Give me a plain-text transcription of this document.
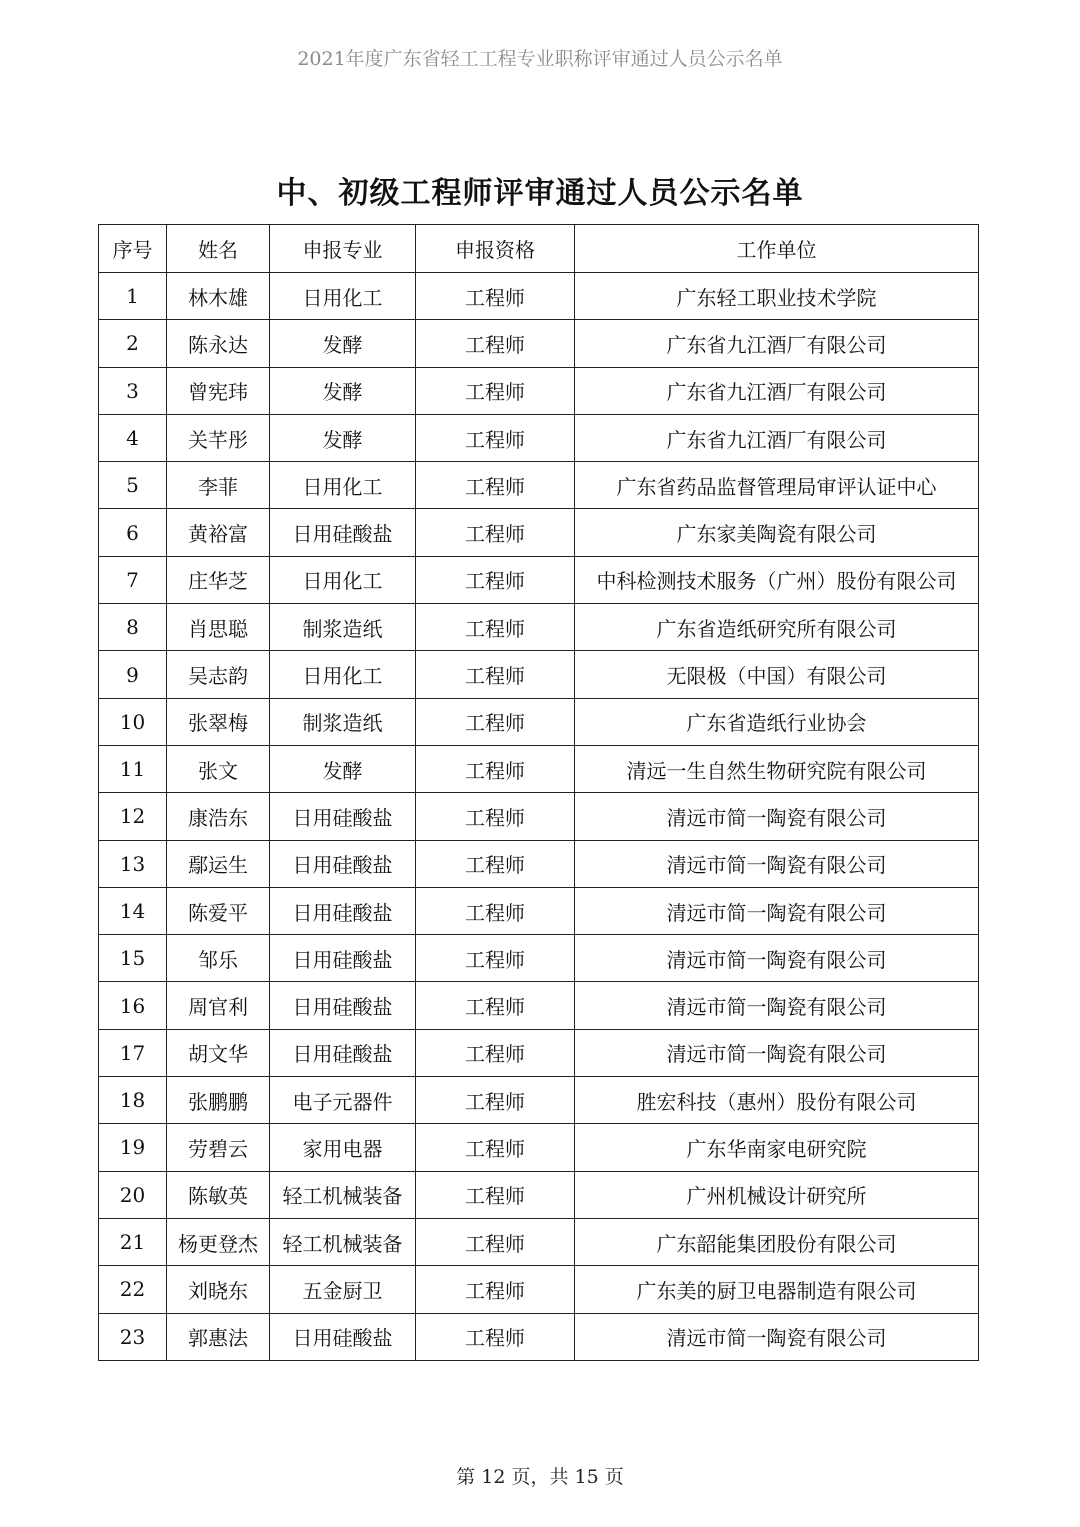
2021年度广东省轻工工程专业职称评审通过人员公示名单
中、初级工程师评审通过人员公示名单
序号	姓名	申报专业	申报资格	工作单位
1	林木雄	日用化工	工程师	广东轻工职业技术学院
2	陈永达	发酵	工程师	广东省九江酒厂有限公司
3	曾宪玮	发酵	工程师	广东省九江酒厂有限公司
4	关芊彤	发酵	工程师	广东省九江酒厂有限公司
5	李菲	日用化工	工程师	广东省药品监督管理局审评认证中心
6	黄裕富	日用硅酸盐	工程师	广东家美陶瓷有限公司
7	庄华芝	日用化工	工程师	中科检测技术服务（广州）股份有限公司
8	肖思聪	制浆造纸	工程师	广东省造纸研究所有限公司
9	吴志韵	日用化工	工程师	无限极（中国）有限公司
10	张翠梅	制浆造纸	工程师	广东省造纸行业协会
11	张文	发酵	工程师	清远一生自然生物研究院有限公司
12	康浩东	日用硅酸盐	工程师	清远市简一陶瓷有限公司
13	鄢运生	日用硅酸盐	工程师	清远市简一陶瓷有限公司
14	陈爱平	日用硅酸盐	工程师	清远市简一陶瓷有限公司
15	邹乐	日用硅酸盐	工程师	清远市简一陶瓷有限公司
16	周官利	日用硅酸盐	工程师	清远市简一陶瓷有限公司
17	胡文华	日用硅酸盐	工程师	清远市简一陶瓷有限公司
18	张鹏鹏	电子元器件	工程师	胜宏科技（惠州）股份有限公司
19	劳碧云	家用电器	工程师	广东华南家电研究院
20	陈敏英	轻工机械装备	工程师	广州机械设计研究所
21	杨更登杰	轻工机械装备	工程师	广东韶能集团股份有限公司
22	刘晓东	五金厨卫	工程师	广东美的厨卫电器制造有限公司
23	郭惠法	日用硅酸盐	工程师	清远市简一陶瓷有限公司
第 12 页，共 15 页
